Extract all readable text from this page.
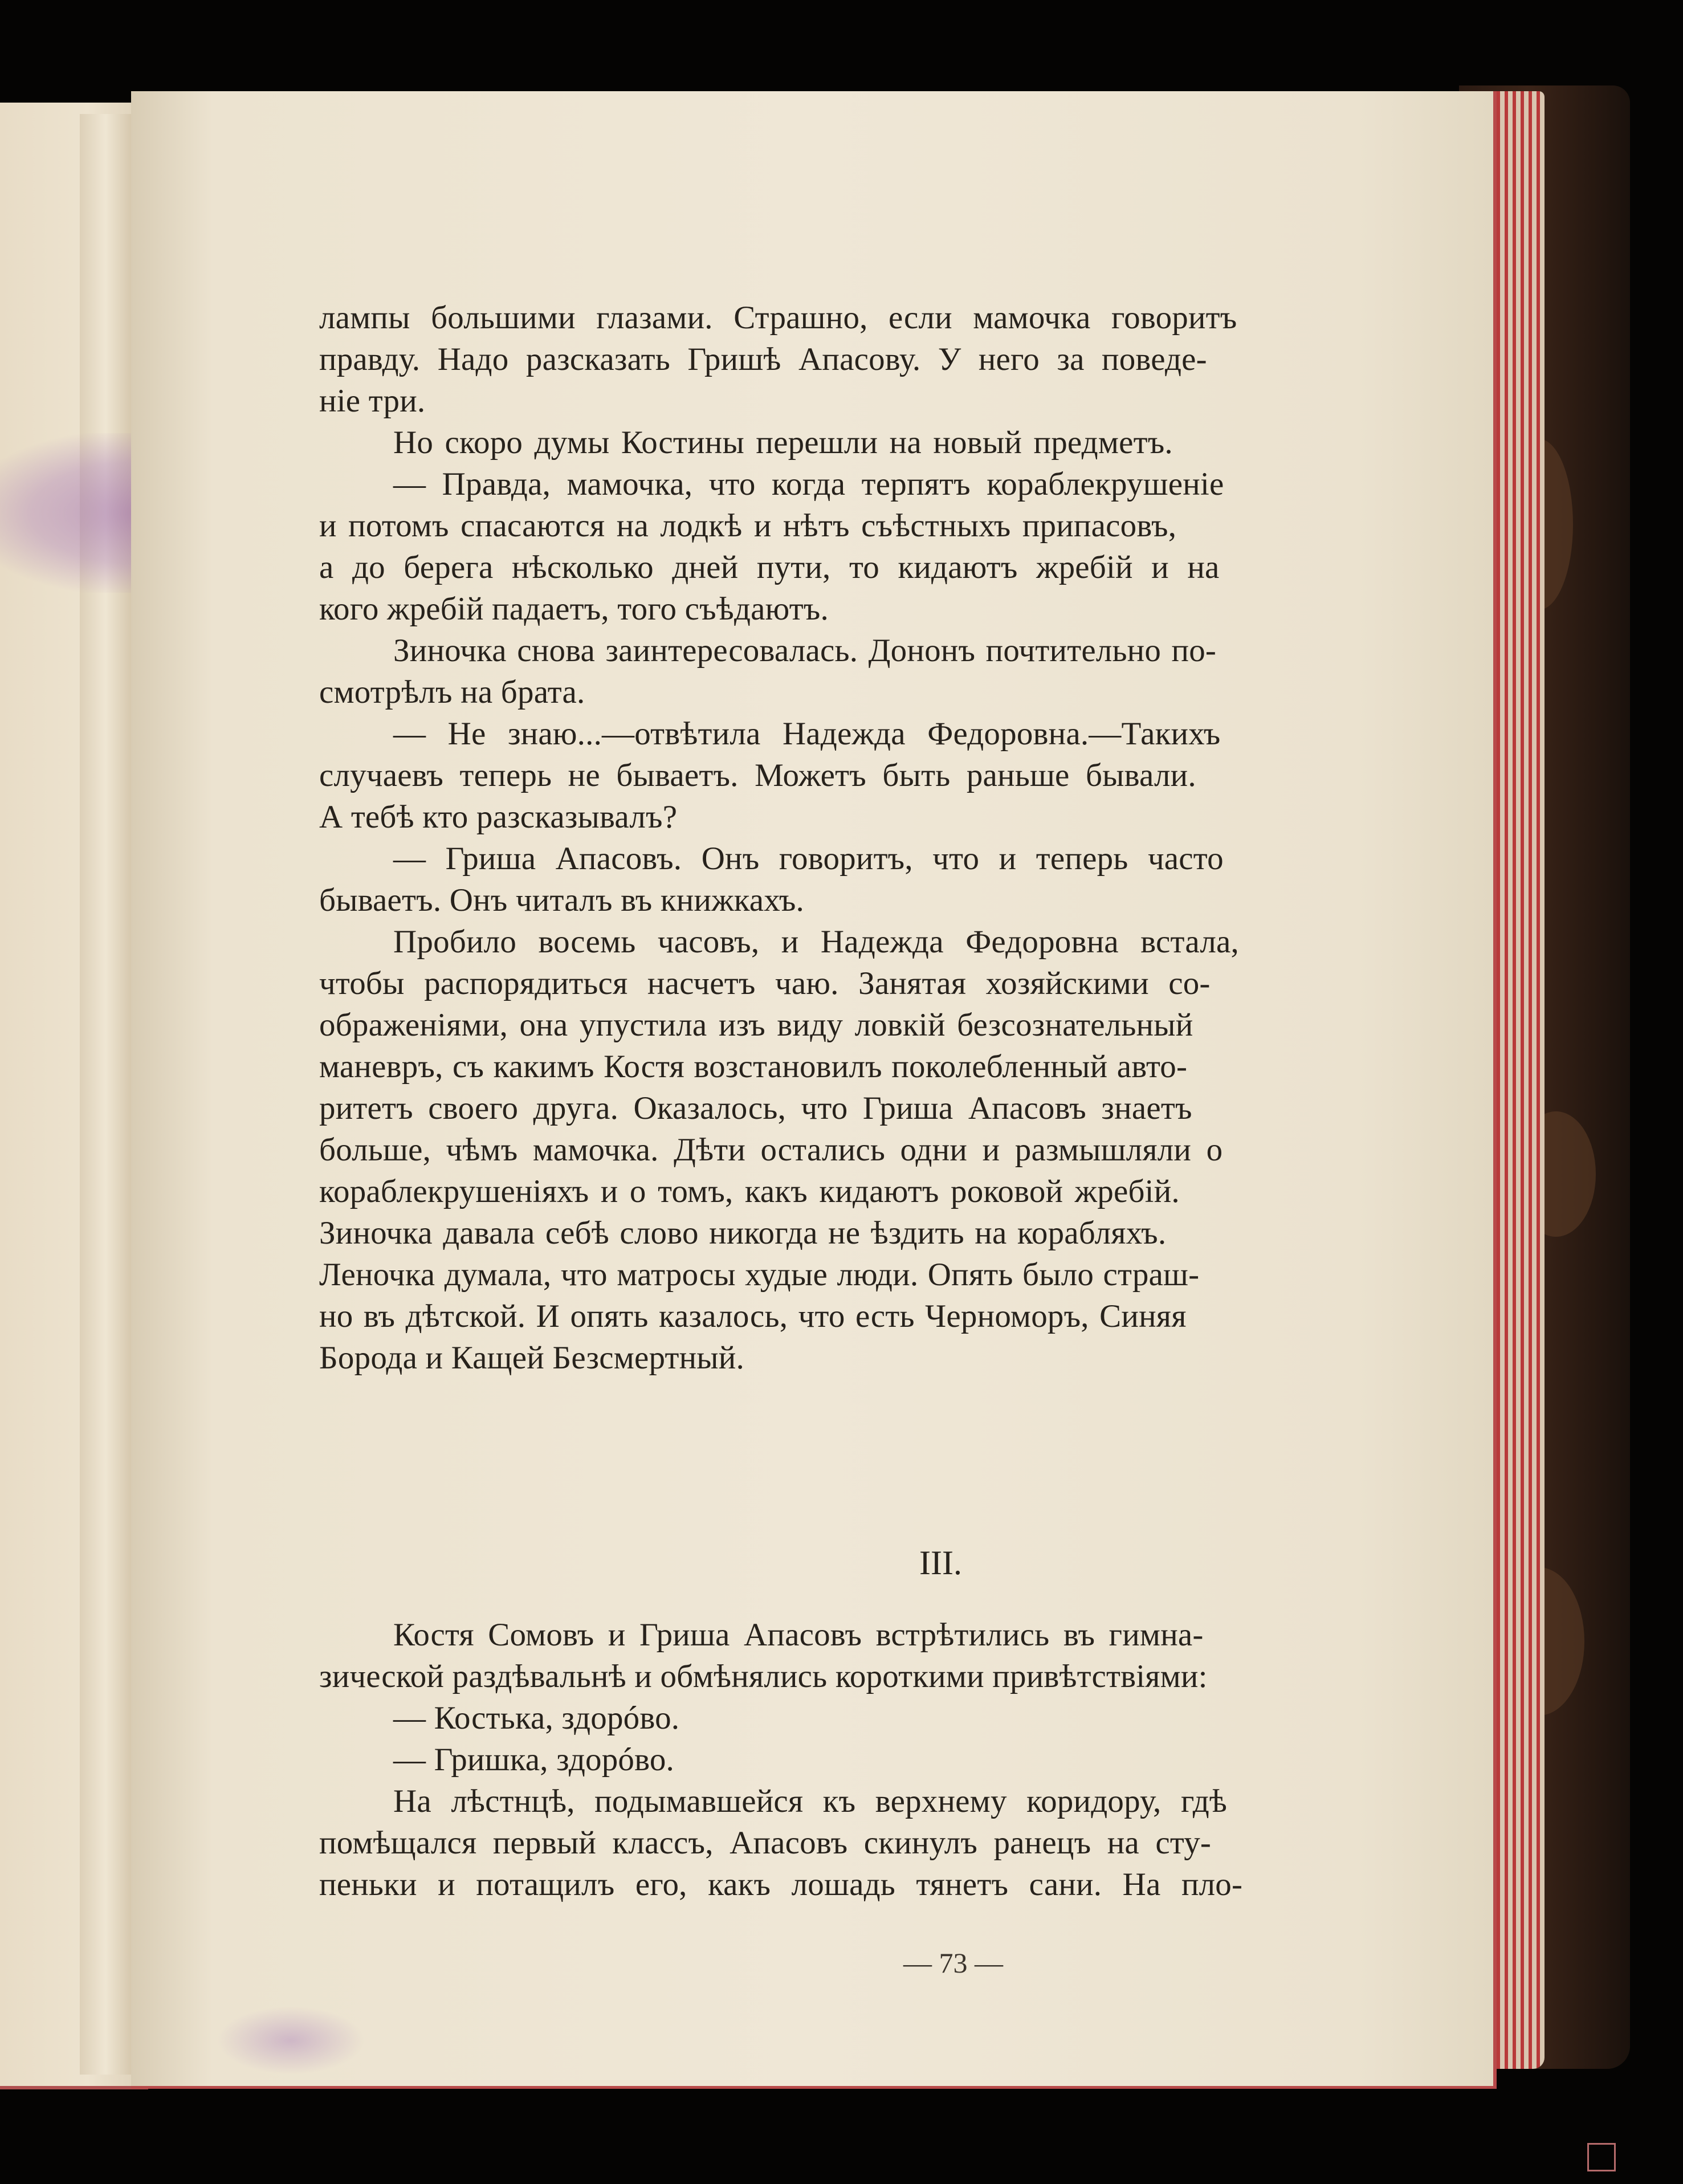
лампы большими глазами. Страшно, если мамочка говоритъ
правду. Надо разсказать Гришѣ Апасову. У него за поведе-
нiе три.
Но скоро думы Костины перешли на новый предметъ.
— Правда, мамочка, что когда терпятъ кораблекрушенiе
и потомъ спасаются на лодкѣ и нѣтъ съѣстныхъ припасовъ,
а до берега нѣсколько дней пути, то кидаютъ жребiй и на
кого жребiй падаетъ, того съѣдаютъ.
Зиночка снова заинтересовалась. Дононъ почтительно по-
смотрѣлъ на брата.
— Не знаю...—отвѣтила Надежда Федоровна.—Такихъ
случаевъ теперь не бываетъ. Можетъ быть раньше бывали.
А тебѣ кто разсказывалъ?
— Гриша Апасовъ. Онъ говоритъ, что и теперь часто
бываетъ. Онъ читалъ въ книжкахъ.
Пробило восемь часовъ, и Надежда Федоровна встала,
чтобы распорядиться насчетъ чаю. Занятая хозяйскими со-
ображенiями, она упустила изъ виду ловкiй безсознательный
маневръ, съ какимъ Костя возстановилъ поколебленный авто-
ритетъ своего друга. Оказалось, что Гриша Апасовъ знаетъ
больше, чѣмъ мамочка. Дѣти остались одни и размышляли о
кораблекрушенiяхъ и о томъ, какъ кидаютъ роковой жребiй.
Зиночка давала себѣ слово никогда не ѣздить на корабляхъ.
Леночка думала, что матросы худые люди. Опять было страш-
но въ дѣтской. И опять казалось, что есть Черноморъ, Синяя
Борода и Кащей Безсмертный.
III.
Костя Сомовъ и Гриша Апасовъ встрѣтились въ гимна-
зической раздѣвальнѣ и обмѣнялись короткими привѣтствiями:
— Костька, здорóво.
— Гришка, здорóво.
На лѣстнцѣ, подымавшейся къ верхнему коридору, гдѣ
помѣщался первый классъ, Апасовъ скинулъ ранецъ на сту-
пеньки и потащилъ его, какъ лошадь тянетъ сани. На пло-
— 73 —
